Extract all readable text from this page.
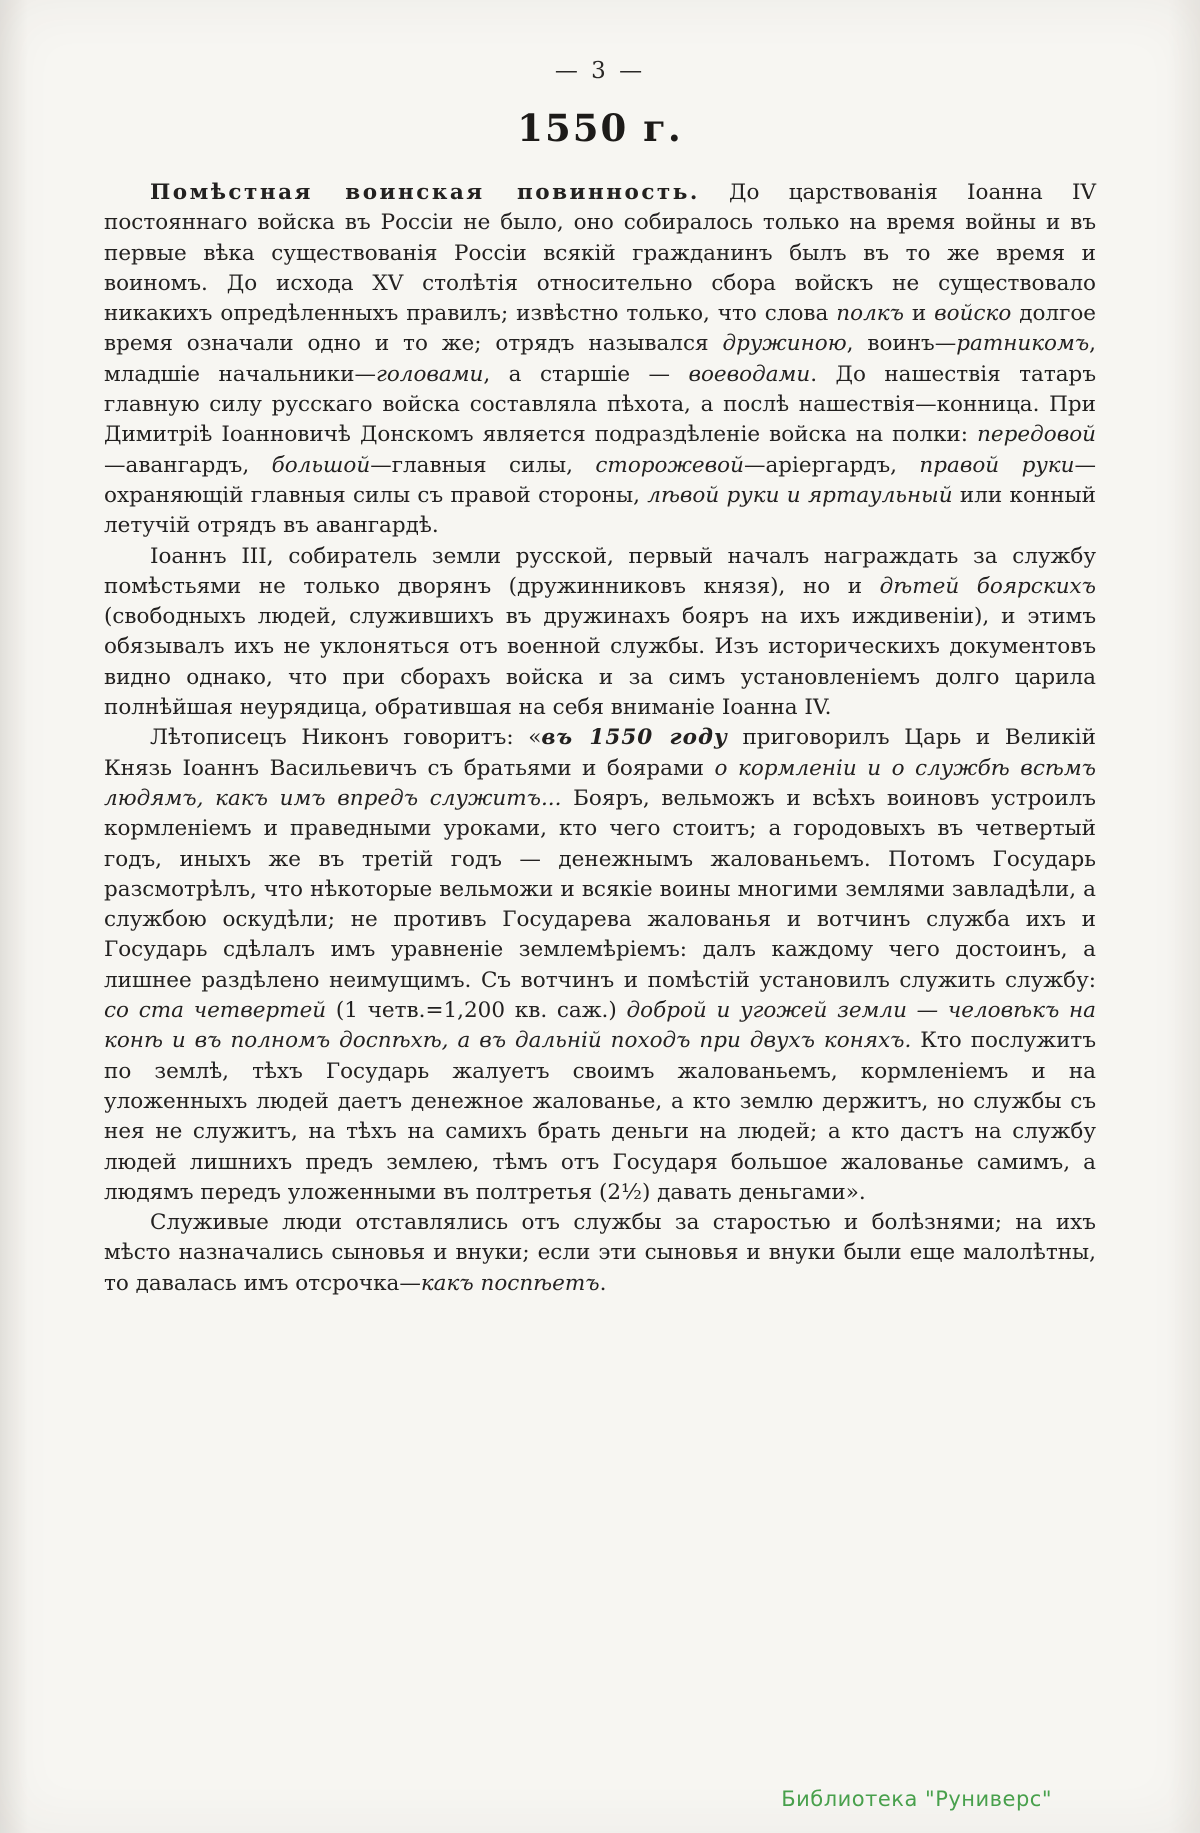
— 3 —
1550 г.

Помѣстная воинская повинность. До царствованія Іоанна IV постояннаго войска въ Россіи не было, оно собиралось только на время войны и въ первые вѣка существованія Россіи всякій гражданинъ былъ въ то же время и воиномъ. До исхода XV столѣтія относительно сбора войскъ не существовало никакихъ опредѣленныхъ правилъ; извѣстно только, что слова полкъ и войско долгое время означали одно и то же; отрядъ назывался дружиною, воинъ—ратникомъ, младшіе начальники—головами, а старшіе — воеводами. До нашествія татаръ главную силу русскаго войска составляла пѣхота, а послѣ нашествія—конница. При Димитріѣ Іоанновичѣ Донскомъ является подраздѣленіе войска на полки: передовой—авангардъ, большой—главныя силы, сторожевой—аріергардъ, правой руки—охраняющій главныя силы съ правой стороны, лѣвой руки и яртаульный или конный летучій отрядъ въ авангардѣ.

Іоаннъ III, собиратель земли русской, первый началъ награждать за службу помѣстьями не только дворянъ (дружинниковъ князя), но и дѣтей боярскихъ (свободныхъ людей, служившихъ въ дружинахъ бояръ на ихъ иждивеніи), и этимъ обязывалъ ихъ не уклоняться отъ военной службы. Изъ историческихъ документовъ видно однако, что при сборахъ войска и за симъ установленіемъ долго царила полнѣйшая неурядица, обратившая на себя вниманіе Іоанна IV.

Лѣтописецъ Никонъ говоритъ: «въ 1550 году приговорилъ Царь и Великій Князь Іоаннъ Васильевичъ съ братьями и боярами о кормленіи и о службѣ всѣмъ людямъ, какъ имъ впредъ служитъ... Бояръ, вельможъ и всѣхъ воиновъ устроилъ кормленіемъ и праведными уроками, кто чего стоитъ; а городовыхъ въ четвертый годъ, иныхъ же въ третій годъ — денежнымъ жалованьемъ. Потомъ Государь разсмотрѣлъ, что нѣкоторые вельможи и всякіе воины многими землями завладѣли, а службою оскудѣли; не противъ Государева жалованья и вотчинъ служба ихъ и Государь сдѣлалъ имъ уравненіе землемѣріемъ: далъ каждому чего достоинъ, а лишнее раздѣлено неимущимъ. Съ вотчинъ и помѣстій установилъ служить службу: со ста четвертей (1 четв.=1,200 кв. саж.) доброй и угожей земли — человѣкъ на конѣ и въ полномъ доспѣхѣ, а въ дальній походъ при двухъ коняхъ. Кто послужитъ по землѣ, тѣхъ Государь жалуетъ своимъ жалованьемъ, кормленіемъ и на уложенныхъ людей даетъ денежное жалованье, а кто землю держитъ, но службы съ нея не служитъ, на тѣхъ на самихъ брать деньги на людей; а кто дастъ на службу людей лишнихъ предъ землею, тѣмъ отъ Государя большое жалованье самимъ, а людямъ передъ уложенными въ полтретья (2½) давать деньгами».

Служивые люди отставлялись отъ службы за старостью и болѣзнями; на ихъ мѣсто назначались сыновья и внуки; если эти сыновья и внуки были еще малолѣтны, то давалась имъ отсрочка—какъ поспѣетъ.

Библиотека "Руниверс"
